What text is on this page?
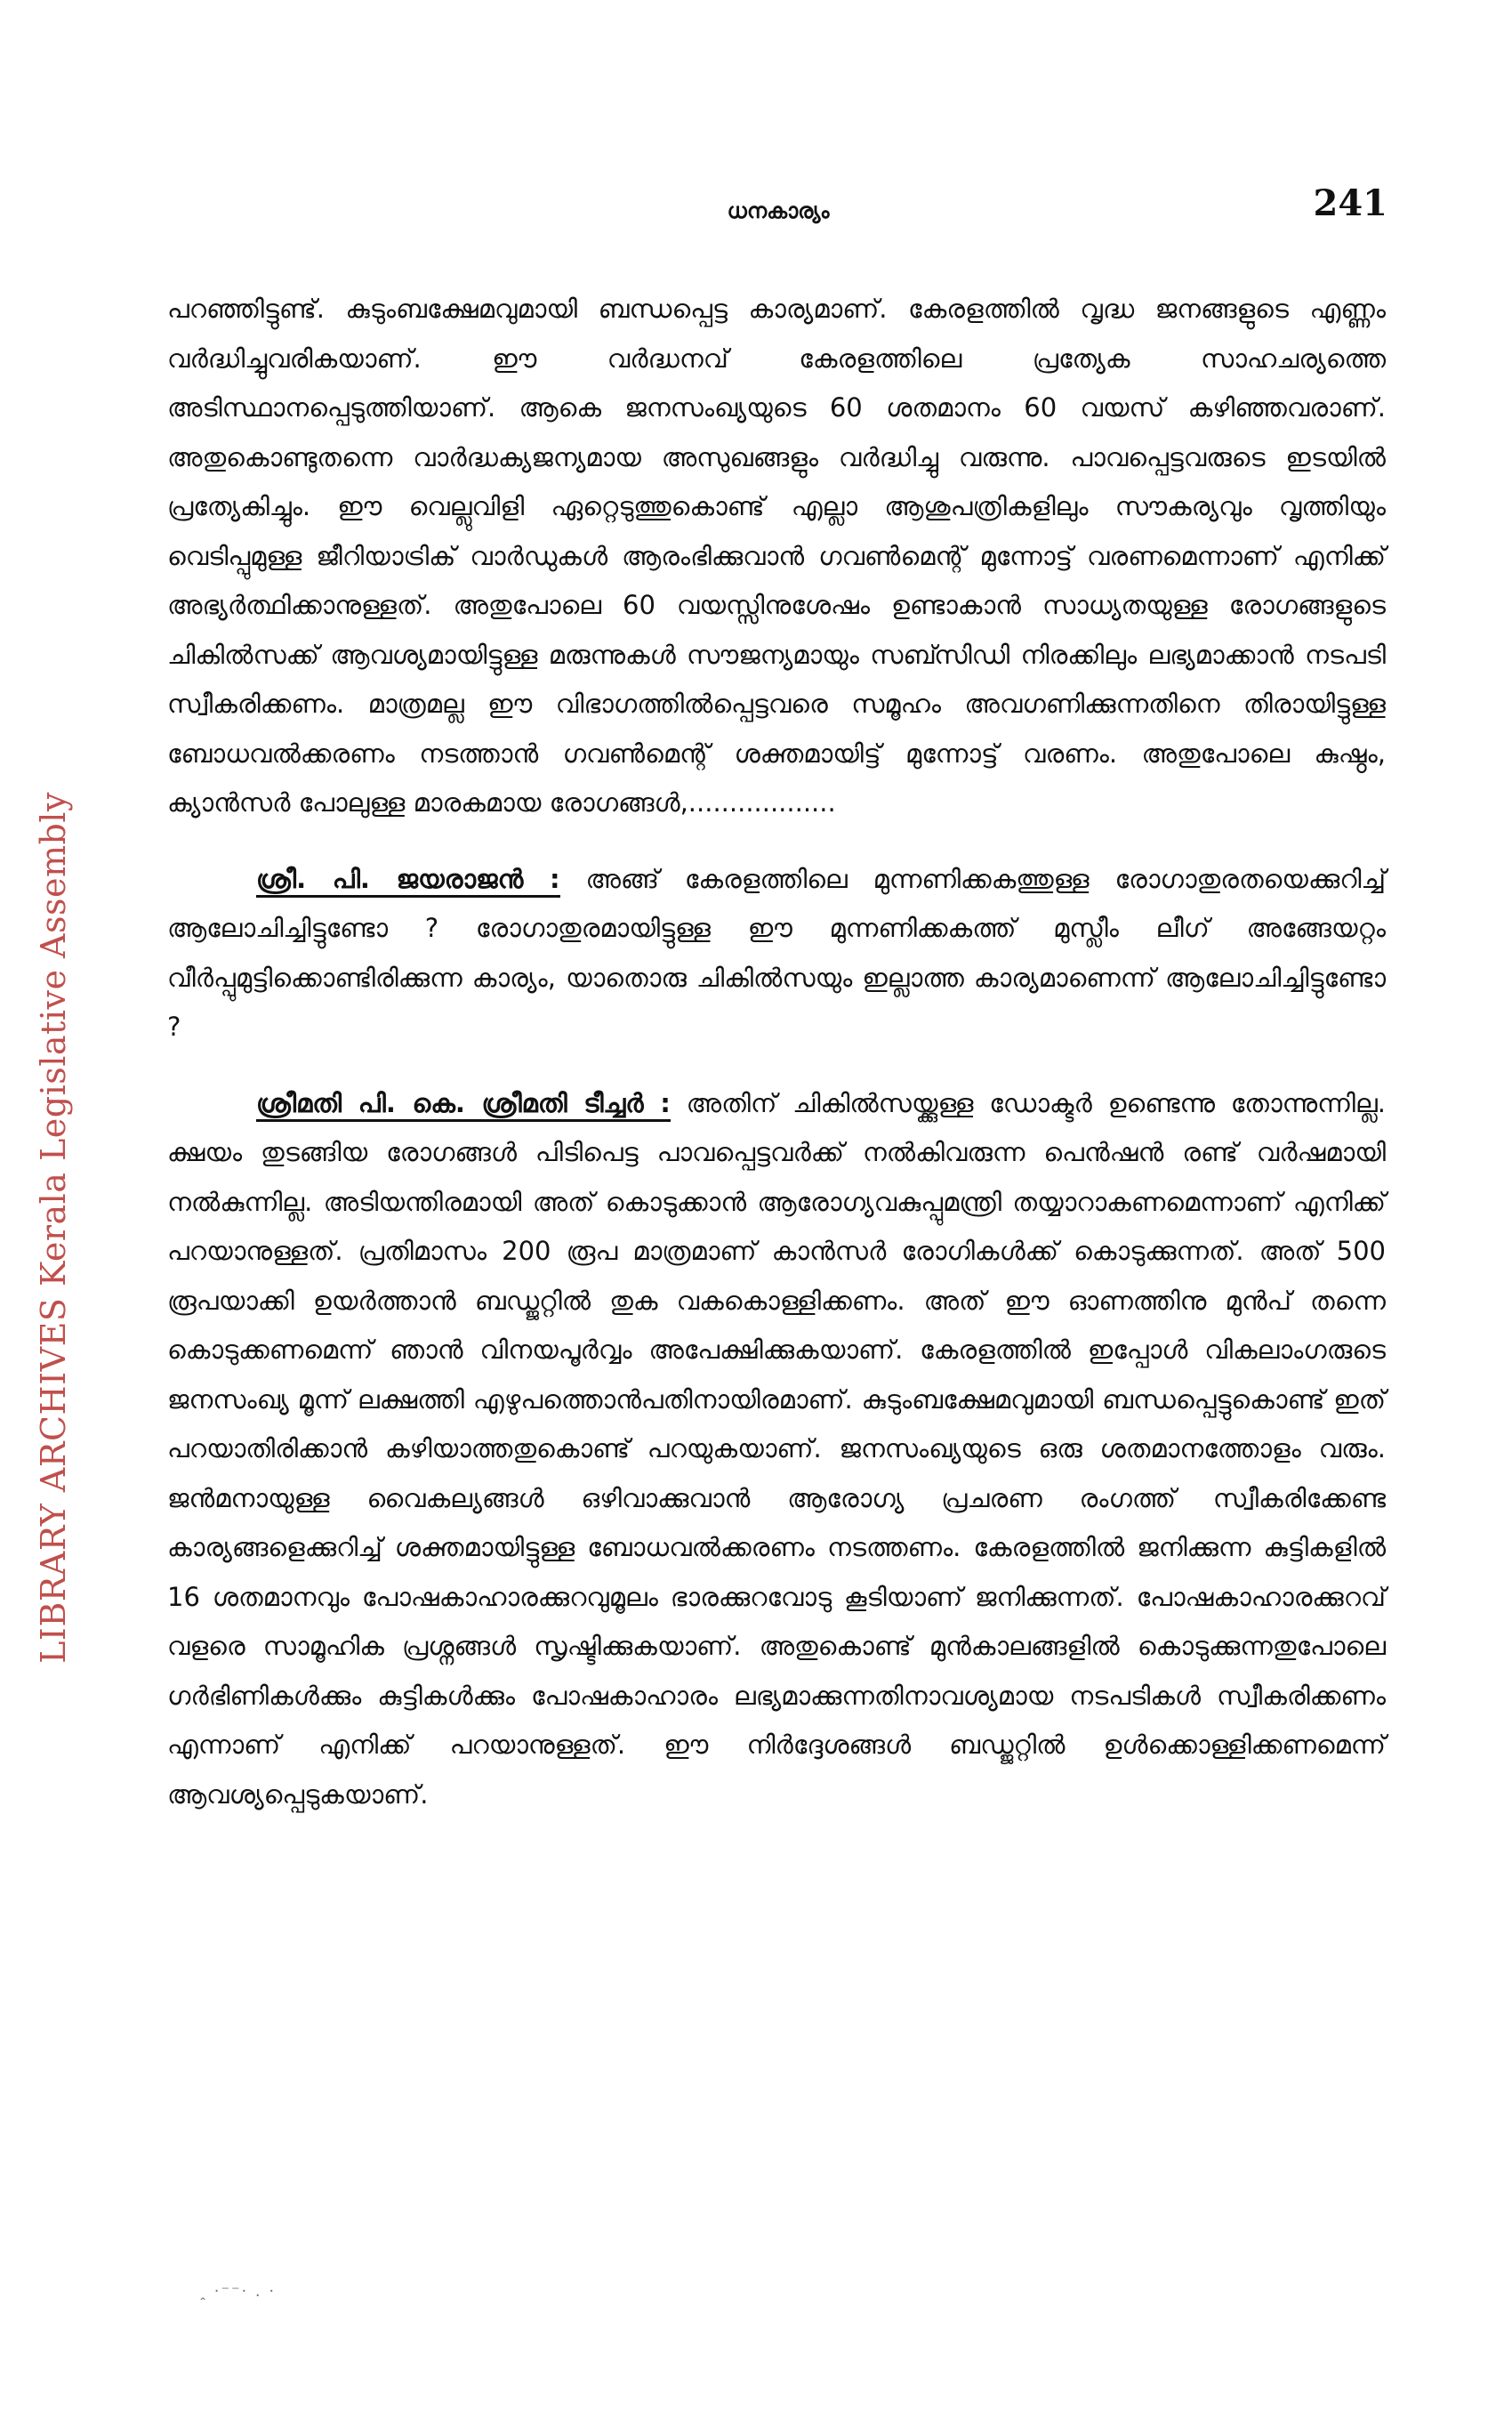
LIBRARY ARCHIVES Kerala Legislative Assembly
ധനകാര്യം	241

പറഞ്ഞിട്ടുണ്ട്. കുടുംബക്ഷേമവുമായി ബന്ധപ്പെട്ട കാര്യമാണ്. കേരളത്തിൽ വൃദ്ധ ജനങ്ങളുടെ എണ്ണം വർദ്ധിച്ചുവരികയാണ്. ഈ വർദ്ധനവ് കേരളത്തിലെ പ്രത്യേക സാഹചര്യത്തെ അടിസ്ഥാനപ്പെടുത്തിയാണ്. ആകെ ജനസംഖ്യയുടെ 60 ശതമാനം 60 വയസ് കഴിഞ്ഞവരാണ്. അതുകൊണ്ടുതന്നെ വാർദ്ധക്യജന്യമായ അസുഖങ്ങളും വർദ്ധിച്ചു വരുന്നു. പാവപ്പെട്ടവരുടെ ഇടയിൽ പ്രത്യേകിച്ചും. ഈ വെല്ലുവിളി ഏറ്റെടുത്തുകൊണ്ട് എല്ലാ ആശുപത്രികളിലും സൗകര്യവും വൃത്തിയും വെടിപ്പുമുള്ള ജീറിയാട്രിക് വാർഡുകൾ ആരംഭിക്കുവാൻ ഗവൺമെന്റ് മുന്നോട്ട് വരണമെന്നാണ് എനിക്ക് അഭ്യർത്ഥിക്കാനുള്ളത്. അതുപോലെ 60 വയസ്സിനുശേഷം ഉണ്ടാകാൻ സാധ്യതയുള്ള രോഗങ്ങളുടെ ചികിൽസക്ക് ആവശ്യമായിട്ടുള്ള മരുന്നുകൾ സൗജന്യമായും സബ്സിഡി നിരക്കിലും ലഭ്യമാക്കാൻ നടപടി സ്വീകരിക്കണം. മാത്രമല്ല ഈ വിഭാഗത്തിൽപ്പെട്ടവരെ സമൂഹം അവഗണിക്കുന്നതിനെ തിരായിട്ടുള്ള ബോധവൽക്കരണം നടത്താൻ ഗവൺമെന്റ് ശക്തമായിട്ട് മുന്നോട്ട് വരണം. അതുപോലെ കുഷ്ഠം, ക്യാൻസർ പോലുള്ള മാരകമായ രോഗങ്ങൾ,..................

ശ്രീ. പി. ജയരാജൻ : അങ്ങ് കേരളത്തിലെ മുന്നണിക്കകത്തുള്ള രോഗാതുരതയെക്കുറിച്ച് ആലോചിച്ചിട്ടുണ്ടോ ? രോഗാതുരമായിട്ടുള്ള ഈ മുന്നണിക്കകത്ത് മുസ്ലീം ലീഗ് അങ്ങേയറ്റം വീർപ്പുമുട്ടിക്കൊണ്ടിരിക്കുന്ന കാര്യം, യാതൊരു ചികിൽസയും ഇല്ലാത്ത കാര്യമാണെന്ന് ആലോചിച്ചിട്ടുണ്ടോ ?

ശ്രീമതി പി. കെ. ശ്രീമതി ടീച്ചർ : അതിന് ചികിൽസയ്ക്കുള്ള ഡോക്ടർ ഉണ്ടെന്നു തോന്നുന്നില്ല. ക്ഷയം തുടങ്ങിയ രോഗങ്ങൾ പിടിപെട്ട പാവപ്പെട്ടവർക്ക് നൽകിവരുന്ന പെൻഷൻ രണ്ട് വർഷമായി നൽകുന്നില്ല. അടിയന്തിരമായി അത് കൊടുക്കാൻ ആരോഗ്യവകുപ്പുമന്ത്രി തയ്യാറാകണമെന്നാണ് എനിക്ക് പറയാനുള്ളത്. പ്രതിമാസം 200 രൂപ മാത്രമാണ് കാൻസർ രോഗികൾക്ക് കൊടുക്കുന്നത്. അത് 500 രൂപയാക്കി ഉയർത്താൻ ബഡ്ജറ്റിൽ തുക വകകൊള്ളിക്കണം. അത് ഈ ഓണത്തിനു മുൻപ് തന്നെ കൊടുക്കണമെന്ന് ഞാൻ വിനയപൂർവ്വം അപേക്ഷിക്കുകയാണ്. കേരളത്തിൽ ഇപ്പോൾ വികലാംഗരുടെ ജനസംഖ്യ മൂന്ന് ലക്ഷത്തി എഴുപത്തൊൻപതിനായിരമാണ്. കുടുംബക്ഷേമവുമായി ബന്ധപ്പെട്ടുകൊണ്ട് ഇത് പറയാതിരിക്കാൻ കഴിയാത്തതുകൊണ്ട് പറയുകയാണ്. ജനസംഖ്യയുടെ ഒരു ശതമാനത്തോളം വരും. ജൻമനായുള്ള വൈകല്യങ്ങൾ ഒഴിവാക്കുവാൻ ആരോഗ്യ പ്രചരണ രംഗത്ത് സ്വീകരിക്കേണ്ട കാര്യങ്ങളെക്കുറിച്ച് ശക്തമായിട്ടുള്ള ബോധവൽക്കരണം നടത്തണം. കേരളത്തിൽ ജനിക്കുന്ന കുട്ടികളിൽ 16 ശതമാനവും പോഷകാഹാരക്കുറവുമൂലം ഭാരക്കുറവോടു കൂടിയാണ് ജനിക്കുന്നത്. പോഷകാഹാരക്കുറവ് വളരെ സാമൂഹിക പ്രശ്നങ്ങൾ സൃഷ്ടിക്കുകയാണ്. അതുകൊണ്ട് മുൻകാലങ്ങളിൽ കൊടുക്കുന്നതുപോലെ ഗർഭിണികൾക്കും കുട്ടികൾക്കും പോഷകാഹാരം ലഭ്യമാക്കുന്നതിനാവശ്യമായ നടപടികൾ സ്വീകരിക്കണം എന്നാണ് എനിക്ക് പറയാനുള്ളത്. ഈ നിർദ്ദേശങ്ങൾ ബഡ്ജറ്റിൽ ഉൾക്കൊള്ളിക്കണമെന്ന് ആവശ്യപ്പെടുകയാണ്.

ꞈ ·⁻⁻· . ·
